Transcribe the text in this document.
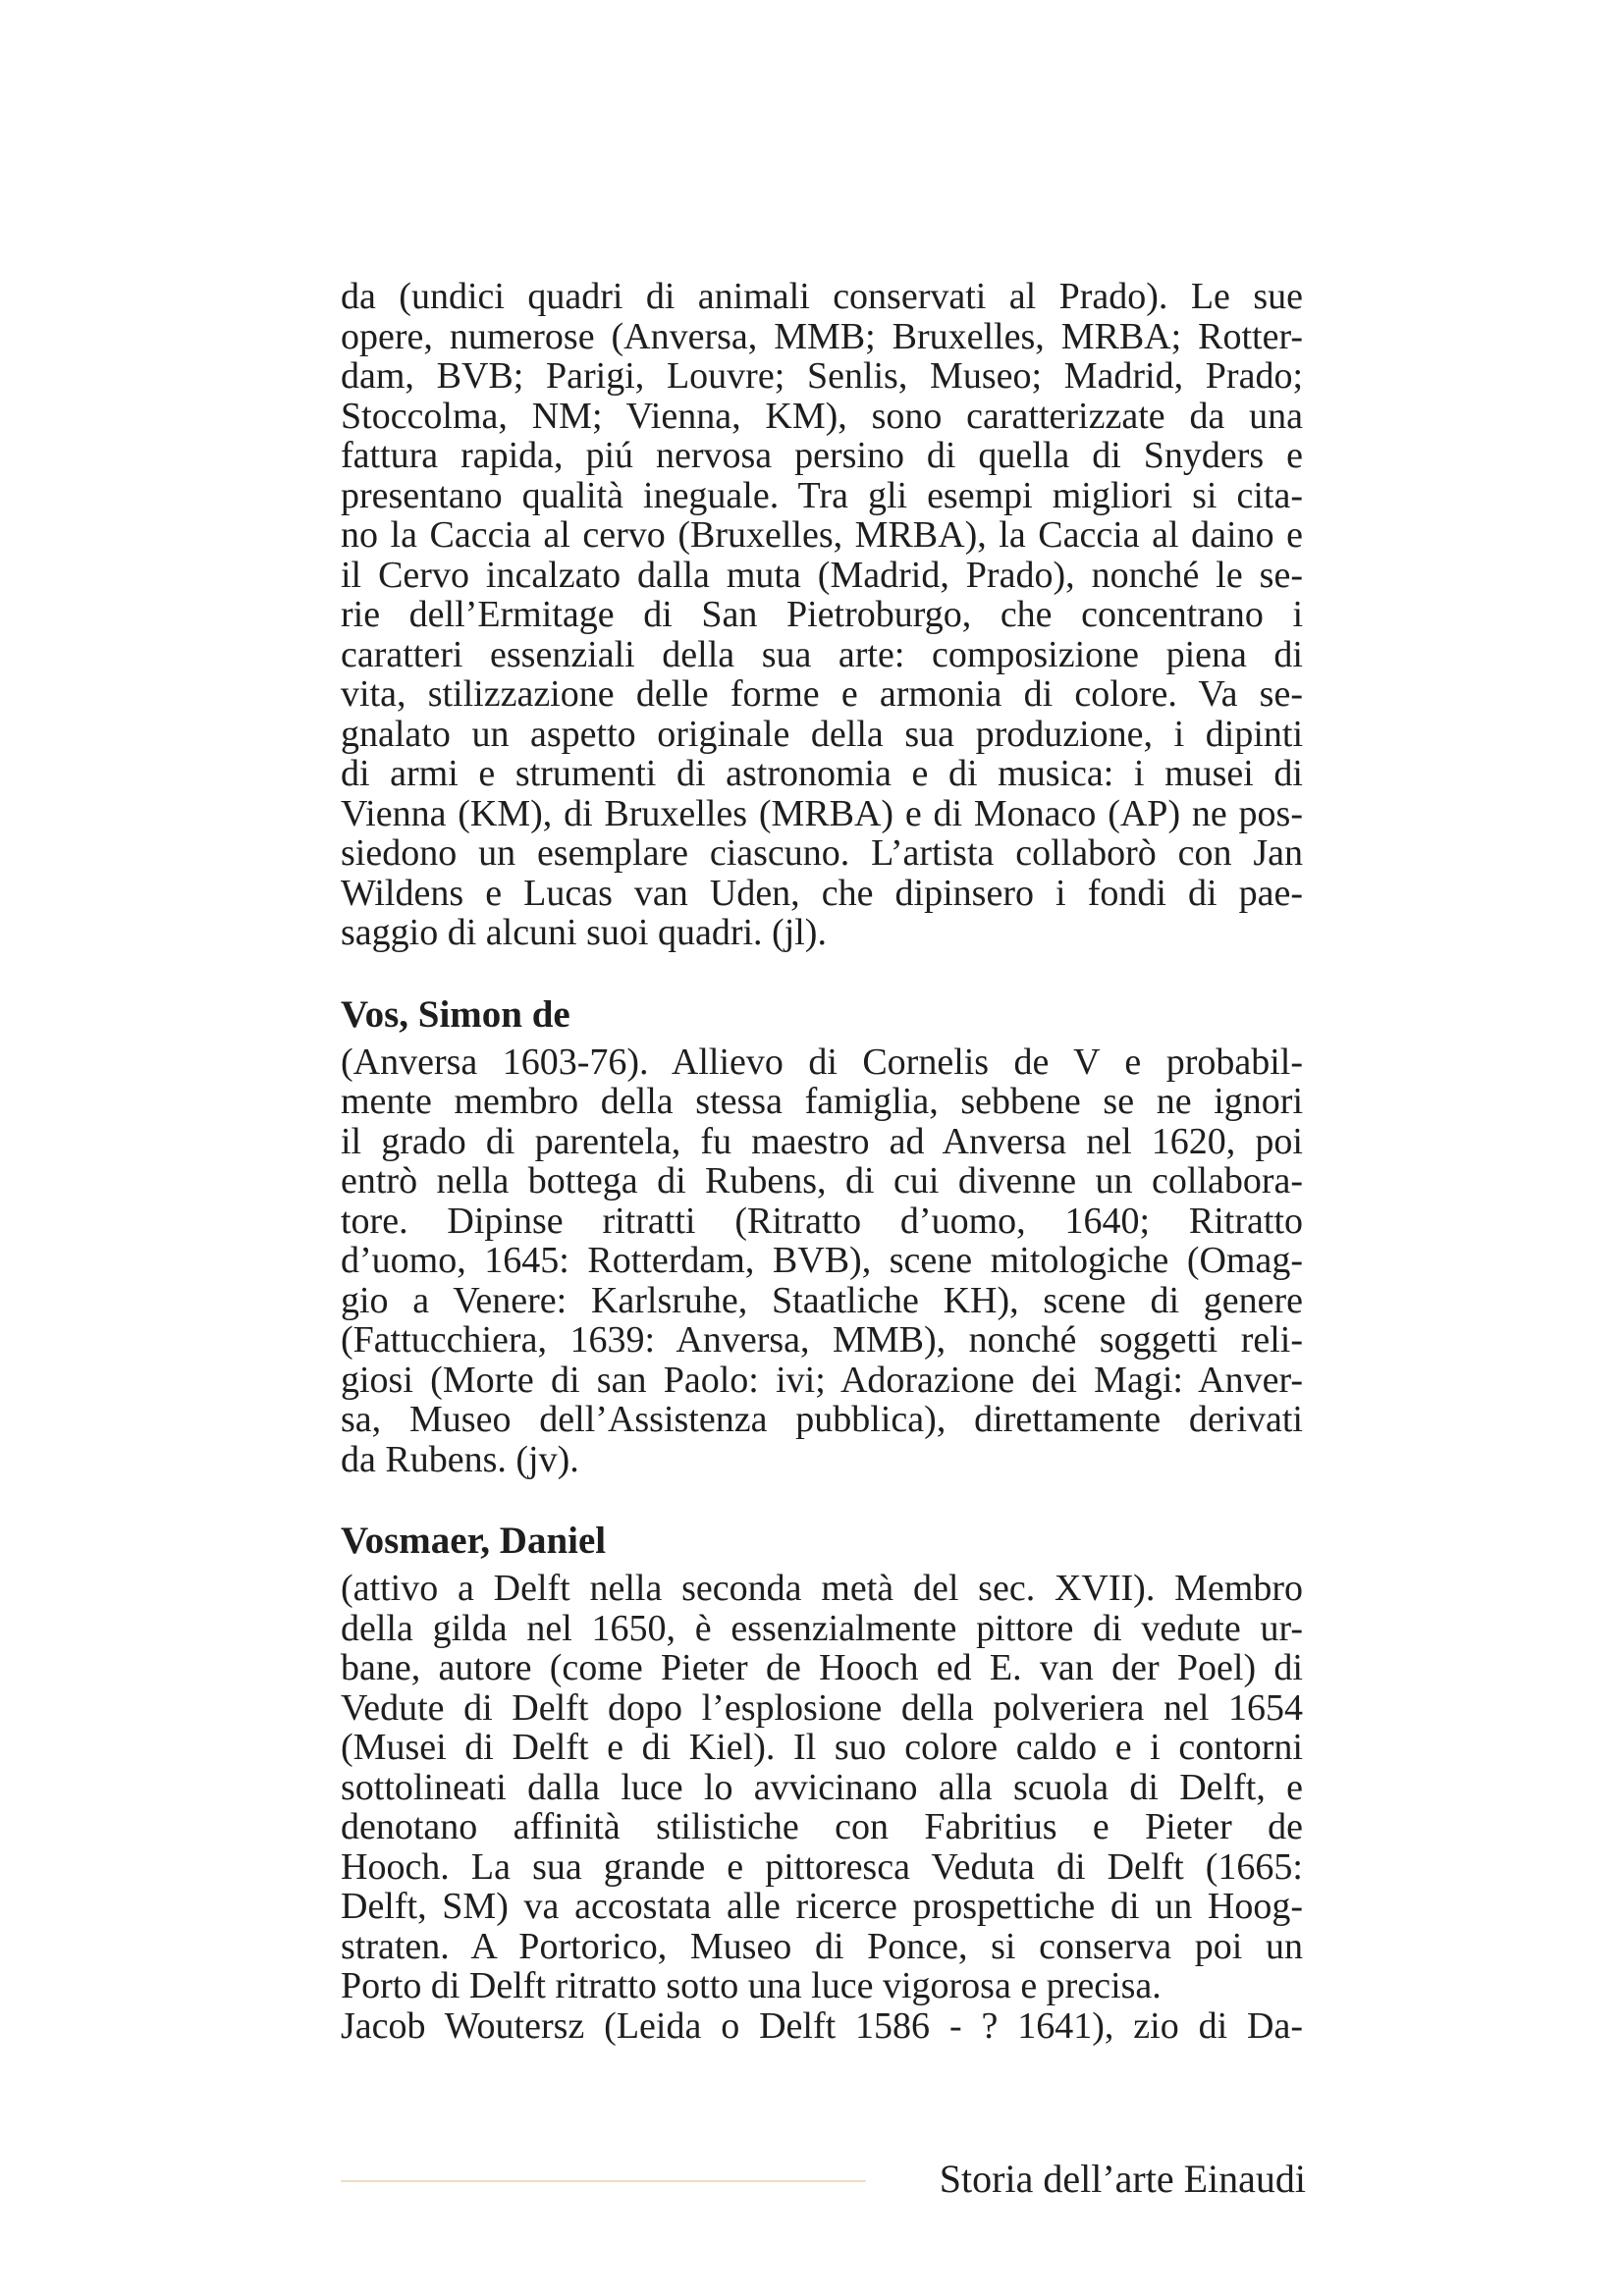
da (undici quadri di animali conservati al Prado). Le sue
opere, numerose (Anversa, MMB; Bruxelles, MRBA; Rotter-
dam, BVB; Parigi, Louvre; Senlis, Museo; Madrid, Prado;
Stoccolma, NM; Vienna, KM), sono caratterizzate da una
fattura rapida, piú nervosa persino di quella di Snyders e
presentano qualità ineguale. Tra gli esempi migliori si cita-
no la Caccia al cervo (Bruxelles, MRBA), la Caccia al daino e
il Cervo incalzato dalla muta (Madrid, Prado), nonché le se-
rie dell’Ermitage di San Pietroburgo, che concentrano i
caratteri essenziali della sua arte: composizione piena di
vita, stilizzazione delle forme e armonia di colore. Va se-
gnalato un aspetto originale della sua produzione, i dipinti
di armi e strumenti di astronomia e di musica: i musei di
Vienna (KM), di Bruxelles (MRBA) e di Monaco (AP) ne pos-
siedono un esemplare ciascuno. L’artista collaborò con Jan
Wildens e Lucas van Uden, che dipinsero i fondi di pae-
saggio di alcuni suoi quadri. (jl).
Vos, Simon de
(Anversa 1603-76). Allievo di Cornelis de V e probabil-
mente membro della stessa famiglia, sebbene se ne ignori
il grado di parentela, fu maestro ad Anversa nel 1620, poi
entrò nella bottega di Rubens, di cui divenne un collabora-
tore. Dipinse ritratti (Ritratto d’uomo, 1640; Ritratto
d’uomo, 1645: Rotterdam, BVB), scene mitologiche (Omag-
gio a Venere: Karlsruhe, Staatliche KH), scene di genere
(Fattucchiera, 1639: Anversa, MMB), nonché soggetti reli-
giosi (Morte di san Paolo: ivi; Adorazione dei Magi: Anver-
sa, Museo dell’Assistenza pubblica), direttamente derivati
da Rubens. (jv).
Vosmaer, Daniel
(attivo a Delft nella seconda metà del sec. XVII). Membro
della gilda nel 1650, è essenzialmente pittore di vedute ur-
bane, autore (come Pieter de Hooch ed E. van der Poel) di
Vedute di Delft dopo l’esplosione della polveriera nel 1654
(Musei di Delft e di Kiel). Il suo colore caldo e i contorni
sottolineati dalla luce lo avvicinano alla scuola di Delft, e
denotano affinità stilistiche con Fabritius e Pieter de
Hooch. La sua grande e pittoresca Veduta di Delft (1665:
Delft, SM) va accostata alle ricerce prospettiche di un Hoog-
straten. A Portorico, Museo di Ponce, si conserva poi un
Porto di Delft ritratto sotto una luce vigorosa e precisa.
Jacob Woutersz (Leida o Delft 1586 - ? 1641), zio di Da-
Storia dell’arte Einaudi
